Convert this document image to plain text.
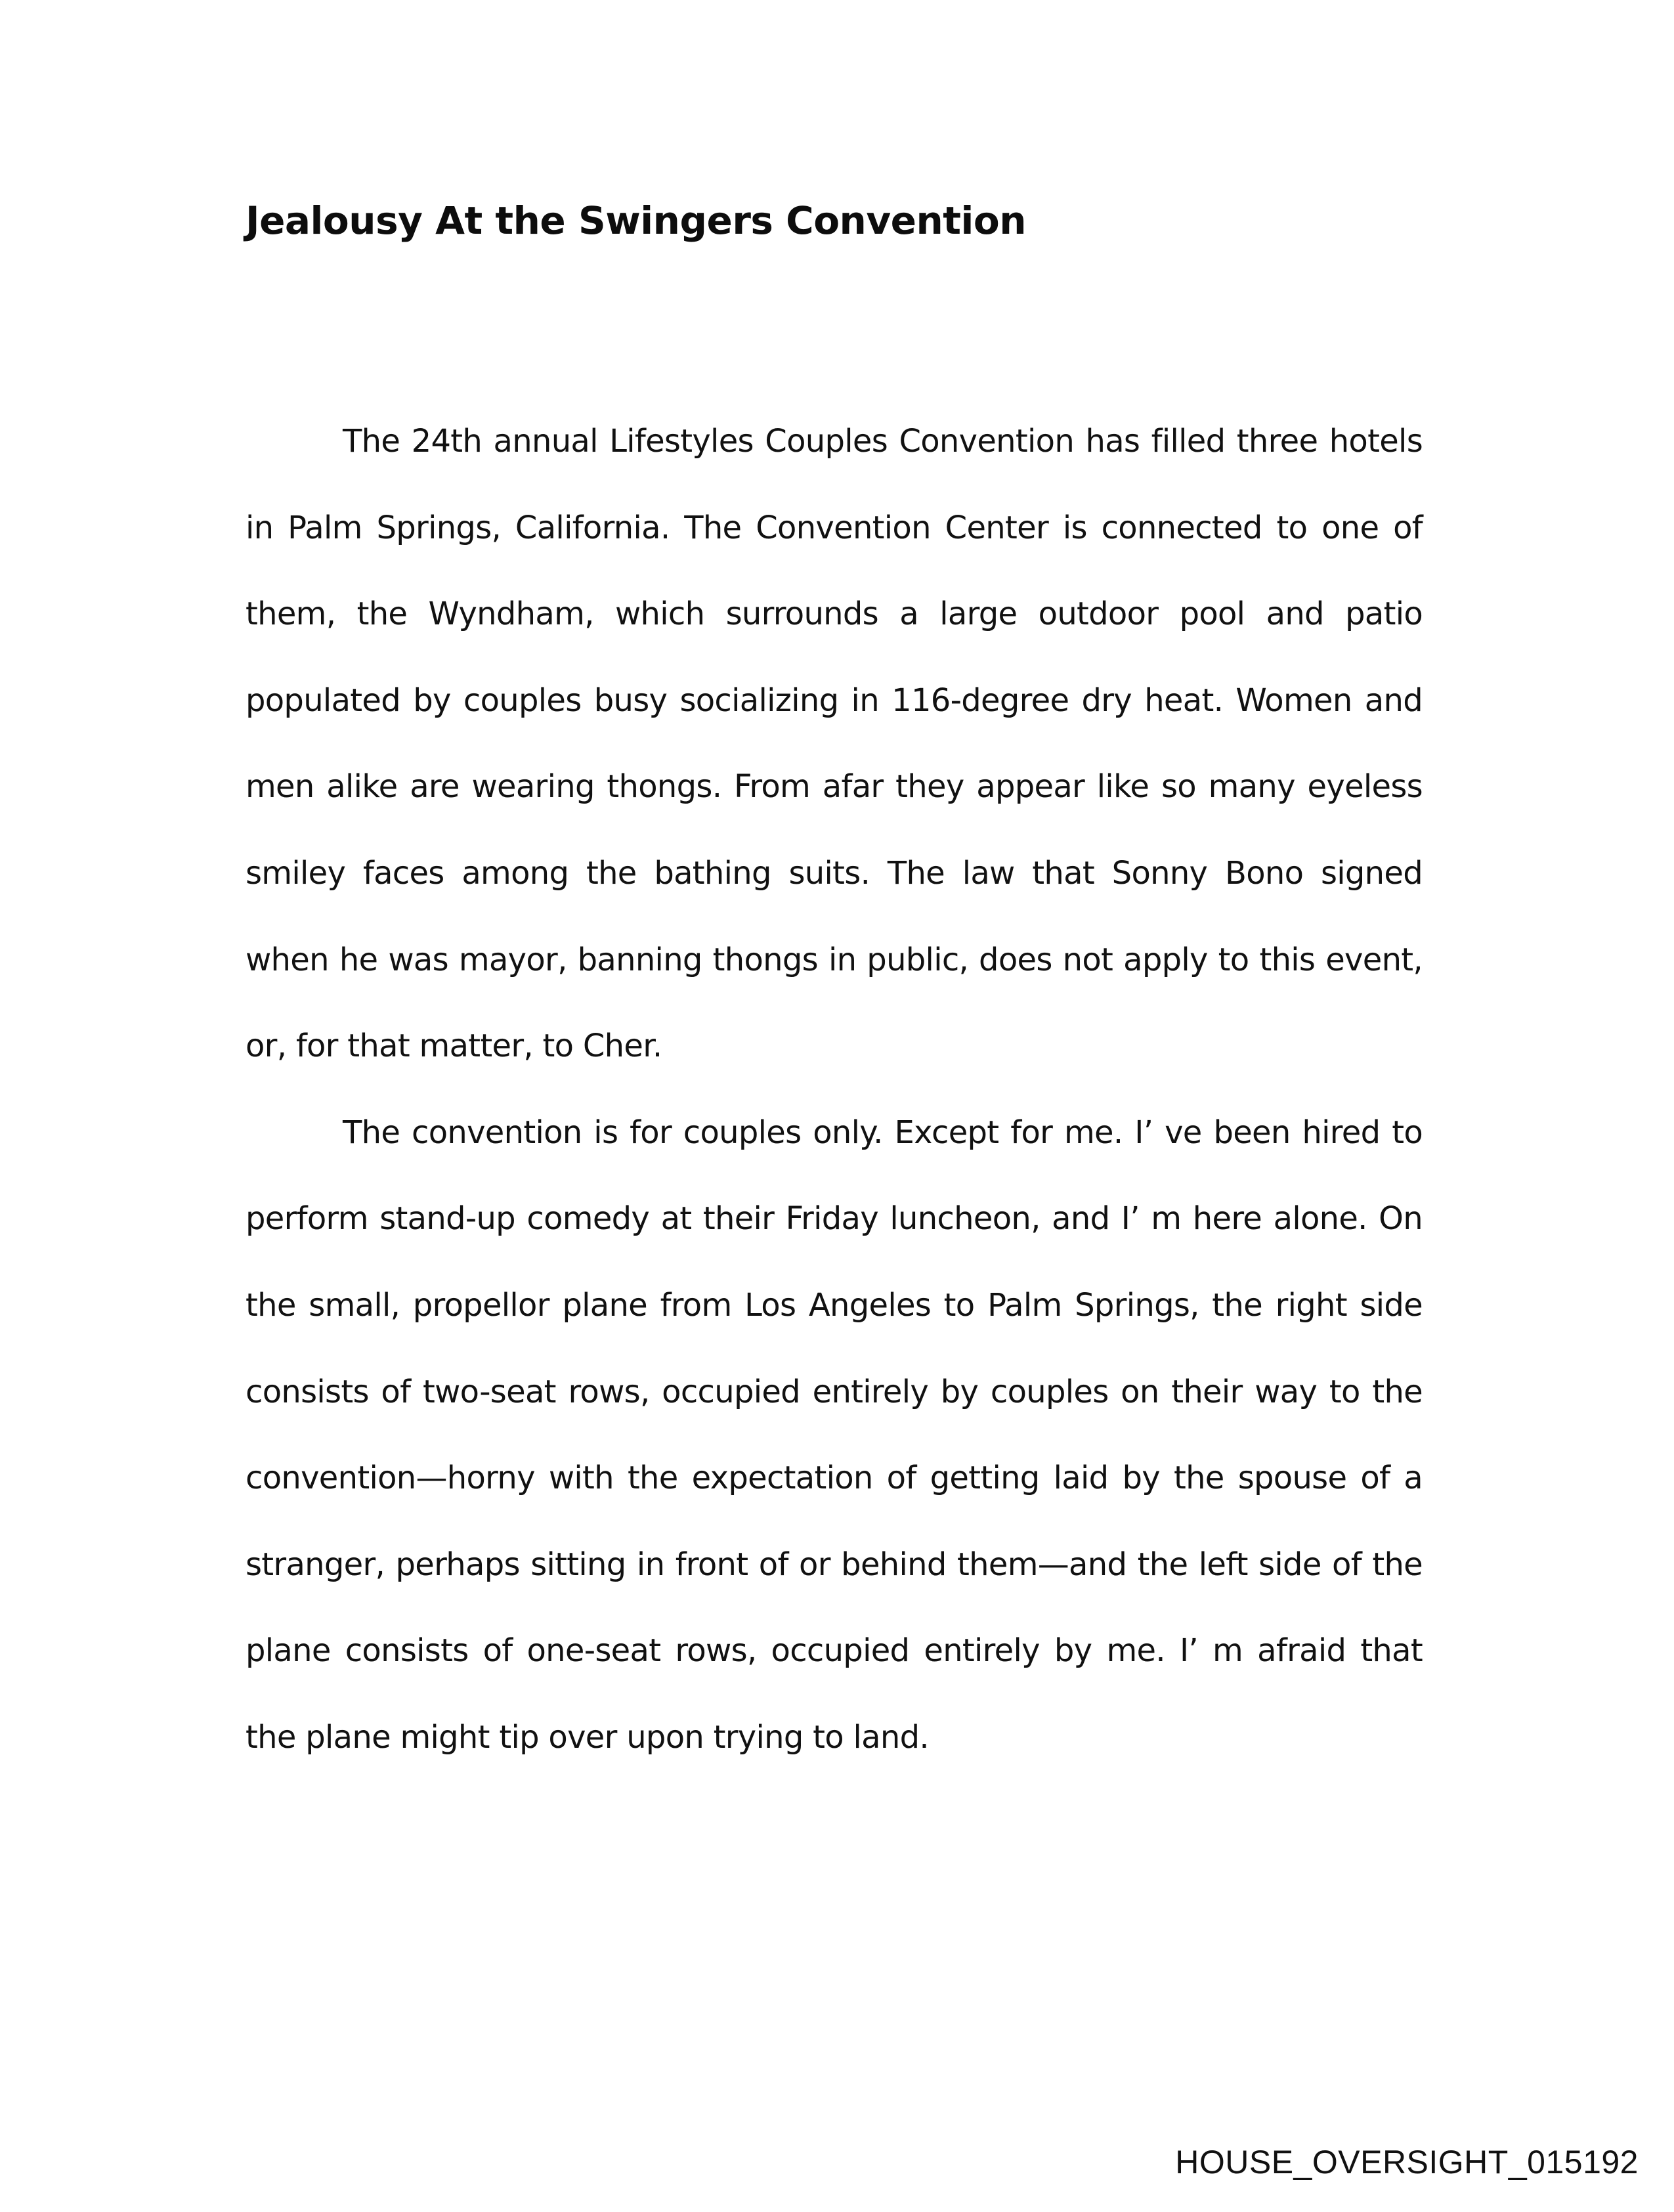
Jealousy At the Swingers Convention

The 24th annual Lifestyles Couples Convention has filled three hotels in Palm Springs, California. The Convention Center is connected to one of them, the Wyndham, which surrounds a large outdoor pool and patio populated by couples busy socializing in 116-degree dry heat. Women and men alike are wearing thongs. From afar they appear like so many eyeless smiley faces among the bathing suits. The law that Sonny Bono signed when he was mayor, banning thongs in public, does not apply to this event, or, for that matter, to Cher.

The convention is for couples only. Except for me. I’ ve been hired to perform stand-up comedy at their Friday luncheon, and I’ m here alone. On the small, propellor plane from Los Angeles to Palm Springs, the right side consists of two-seat rows, occupied entirely by couples on their way to the convention—horny with the expectation of getting laid by the spouse of a stranger, perhaps sitting in front of or behind them—and the left side of the plane consists of one-seat rows, occupied entirely by me. I’ m afraid that the plane might tip over upon trying to land.

HOUSE_OVERSIGHT_015192
